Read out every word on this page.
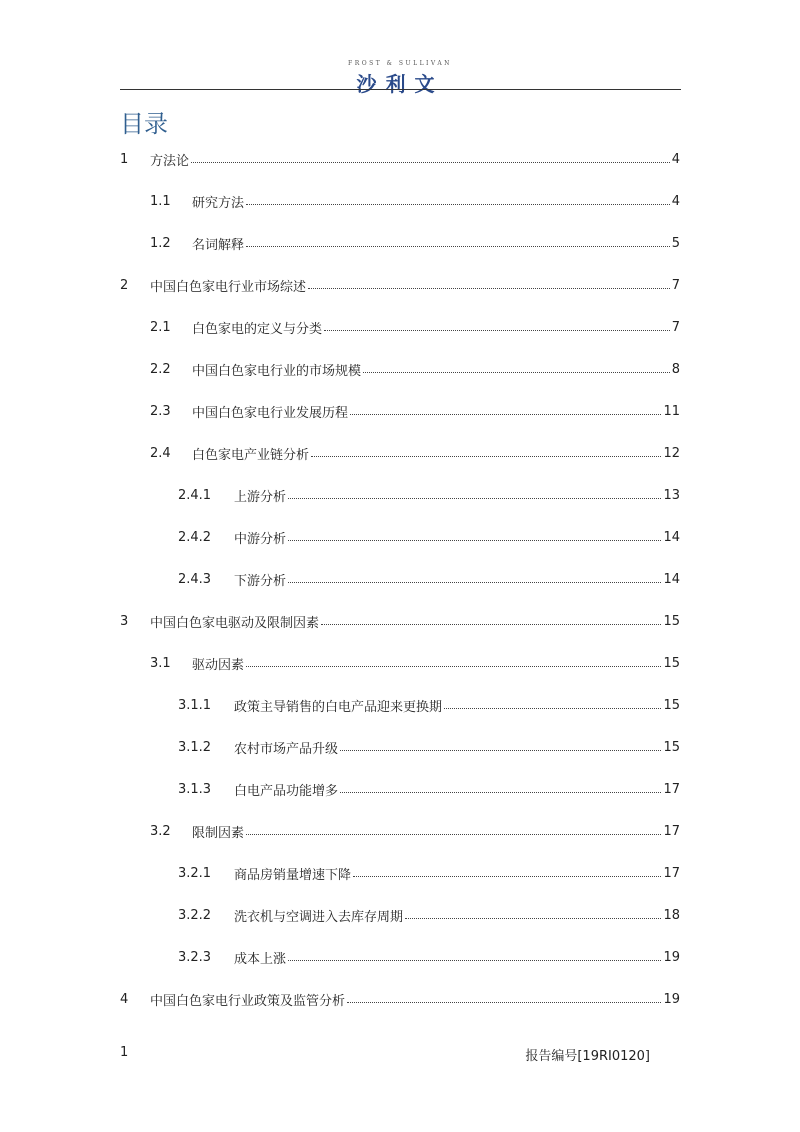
FROST & SULLIVAN
沙利文
目录
1	方法论	4
1.1	研究方法	4
1.2	名词解释	5
2	中国白色家电行业市场综述	7
2.1	白色家电的定义与分类	7
2.2	中国白色家电行业的市场规模	8
2.3	中国白色家电行业发展历程	11
2.4	白色家电产业链分析	12
2.4.1	上游分析	13
2.4.2	中游分析	14
2.4.3	下游分析	14
3	中国白色家电驱动及限制因素	15
3.1	驱动因素	15
3.1.1	政策主导销售的白电产品迎来更换期	15
3.1.2	农村市场产品升级	15
3.1.3	白电产品功能增多	17
3.2	限制因素	17
3.2.1	商品房销量增速下降	17
3.2.2	洗衣机与空调进入去库存周期	18
3.2.3	成本上涨	19
4	中国白色家电行业政策及监管分析	19
1	报告编号[19RI0120]
